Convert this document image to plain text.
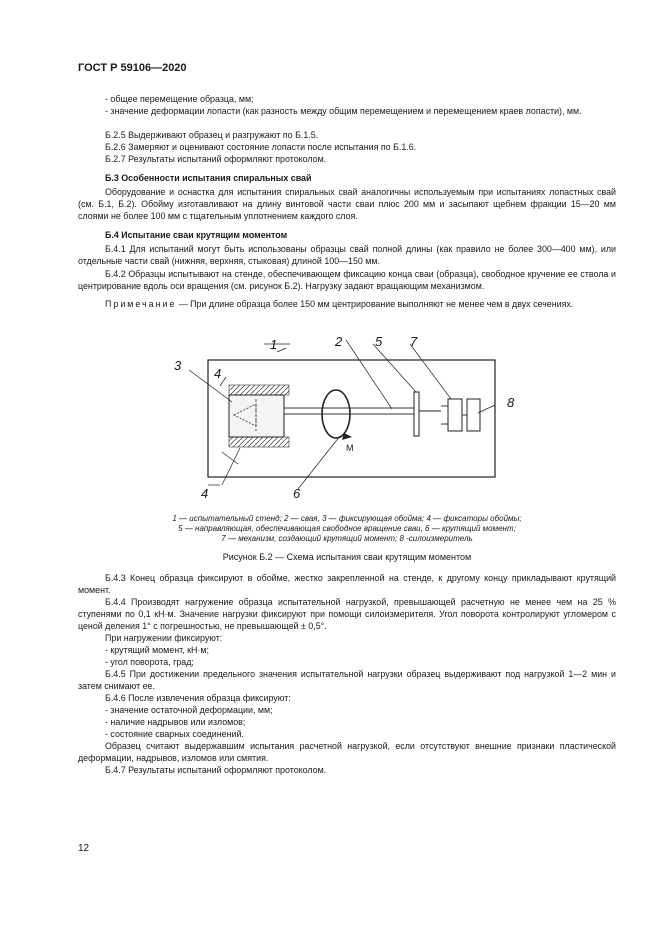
ГОСТ Р 59106—2020

- общее перемещение образца, мм;

- значение деформации лопасти (как разность между общим перемещением и перемещением краев лопасти), мм.

Б.2.5 Выдерживают образец и разгружают по Б.1.5.

Б.2.6 Замеряют и оценивают состояние лопасти после испытания по Б.1.6.

Б.2.7 Результаты испытаний оформляют протоколом.

Б.3 Особенности испытания спиральных свай

Оборудование и оснастка для испытания спиральных свай аналогичны используемым при испытаниях лопастных свай (см. Б.1, Б.2). Обойму изготавливают на длину винтовой части сваи плюс 200 мм и засыпают щебнем фракции 15—20 мм слоями не более 100 мм с тщательным уплотнением каждого слоя.

Б.4 Испытание сваи крутящим моментом

Б.4.1 Для испытаний могут быть использованы образцы свай полной длины (как правило не более 300—400 мм), или отдельные части свай (нижняя, верхняя, стыковая) длиной 100—150 мм.

Б.4.2 Образцы испытывают на стенде, обеспечивающем фиксацию конца сваи (образца), свободное кручение ее ствола и центрирование вдоль оси вращения (см. рисунок Б.2). Нагрузку задают вращающим механизмом.

Примечание — При длине образца более 150 мм центрирование выполняют не менее чем в двух сечениях.

3
4
1	2	5 7
8
М
4	6
1 — испытательный стенд; 2 — свая, 3 — фиксирующая обойма; 4 — фиксаторы обоймы;
5 — направляющая, обеспечивающая свободное вращение сваи, 6 — крутящий момент;
7 — механизм, создающий крутящий момент; 8 -силоизмеритель
Рисунок Б.2 — Схема испытания сваи крутящим моментом

Б.4.3 Конец образца фиксируют в обойме, жестко закрепленной на стенде, к другому концу прикладывают крутящий момент.

Б.4.4 Производят нагружение образца испытательной нагрузкой, превышающей расчетную не менее чем на 25 % ступенями по 0,1 кН·м. Значение нагрузки фиксируют при помощи силоизмерителя. Угол поворота контролируют угломером с ценой деления 1° с погрешностью, не превышающей ± 0,5°.

При нагружении фиксируют:

- крутящий момент, кН·м;

- угол поворота, град;

Б.4.5 При достижении предельного значения испытательной нагрузки образец выдерживают под нагрузкой 1—2 мин и затем снимают ее.

Б.4.6 После извлечения образца фиксируют:

- значение остаточной деформации, мм;

- наличие надрывов или изломов;

- состояние сварных соединений.

Образец считают выдержавшим испытания расчетной нагрузкой, если отсутствуют внешние признаки пластической деформации, надрывов, изломов или смятия.

Б.4.7 Результаты испытаний оформляют протоколом.

12
